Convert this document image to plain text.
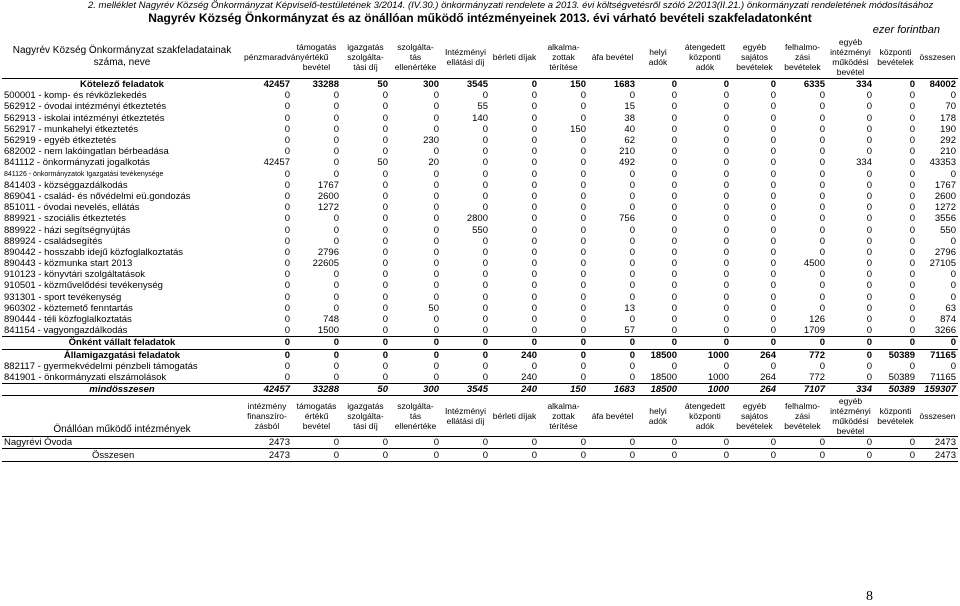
2. melléklet Nagyrév Község Önkormányzat Képviselő-testületének 3/2014. (IV.30.) önkormányzati rendelete a 2013. évi költségvetésről szóló 2/2013(II.21.) önkormányzati rendeletének módosításához
Nagyrév Község Önkormányzat és az önállóan működő intézményeinek 2013. évi várható bevételi szakfeladatonként
ezer forintban
Nagyrév Község Önkormányzat szakfeladatainak száma, neve	pénzmaradvány	támogatás értékű bevétel	igazgatás szolgálta-tási díj	szolgálta-tás ellenértéke	Intézményi ellátási díj	bérleti díjak	alkalma-zottak térítése	áfa bevétel	helyi adók	átengedett központi adók	egyéb sajátos bevételek	felhalmo-zási bevételek	egyéb intézményi működési bevétel	központi bevételek	összesen
Kötelező feladatok	42457	33288	50	300	3545	0	150	1683	0	0	0	6335	334	0	84002
500001 - komp- és révközlekedés	0	0	0	0	0	0	0	0	0	0	0	0	0	0	0
562912 - óvodai intézményi étkeztetés	0	0	0	0	55	0	0	15	0	0	0	0	0	0	70
562913 - iskolai intézményi étkeztetés	0	0	0	0	140	0	0	38	0	0	0	0	0	0	178
562917 - munkahelyi étkeztetés	0	0	0	0	0	0	150	40	0	0	0	0	0	0	190
562919 - egyéb étkeztetés	0	0	0	230	0	0	0	62	0	0	0	0	0	0	292
682002 - nem lakóingatlan bérbeadása	0	0	0	0	0	0	0	210	0	0	0	0	0	0	210
841112 - önkormányzati jogalkotás	42457	0	50	20	0	0	0	492	0	0	0	0	334	0	43353
841126 - önkormányzatok Igazgatási tevékenysége	0	0	0	0	0	0	0	0	0	0	0	0	0	0	0
841403 - községgazdálkodás	0	1767	0	0	0	0	0	0	0	0	0	0	0	0	1767
869041 - család- és nővédelmi eü.gondozás	0	2600	0	0	0	0	0	0	0	0	0	0	0	0	2600
851011 - óvodai nevelés, ellátás	0	1272	0	0	0	0	0	0	0	0	0	0	0	0	1272
889921 - szociális étkeztetés	0	0	0	0	2800	0	0	756	0	0	0	0	0	0	3556
889922 - házi segítségnyújtás	0	0	0	0	550	0	0	0	0	0	0	0	0	0	550
889924 - családsegítés	0	0	0	0	0	0	0	0	0	0	0	0	0	0	0
890442 - hosszabb idejű közfoglalkoztatás	0	2796	0	0	0	0	0	0	0	0	0	0	0	0	2796
890443 - közmunka start 2013	0	22605	0	0	0	0	0	0	0	0	0	4500	0	0	27105
910123 - könyvtári szolgáltatások	0	0	0	0	0	0	0	0	0	0	0	0	0	0	0
910501 - közművelődési tevékenység	0	0	0	0	0	0	0	0	0	0	0	0	0	0	0
931301 - sport tevékenység	0	0	0	0	0	0	0	0	0	0	0	0	0	0	0
960302 - köztemető fenntartás	0	0	0	50	0	0	0	13	0	0	0	0	0	0	63
890444 - téli közfoglalkoztatás	0	748	0	0	0	0	0	0	0	0	0	126	0	0	874
841154 - vagyongazdálkodás	0	1500	0	0	0	0	0	57	0	0	0	1709	0	0	3266
Önként vállalt feladatok	0	0	0	0	0	0	0	0	0	0	0	0	0	0	0
Államigazgatási feladatok	0	0	0	0	0	240	0	0	18500	1000	264	772	0	50389	71165
882117 - gyermekvédelmi pénzbeli támogatás	0	0	0	0	0	0	0	0	0	0	0	0	0	0	0
841901 - önkormányzati elszámolások	0	0	0	0	0	240	0	0	18500	1000	264	772	0	50389	71165
mindösszesen	42457	33288	50	300	3545	240	150	1683	18500	1000	264	7107	334	50389	159307
Önállóan működő intézmények	intézmény finanszíro-zásból	támogatás értékű bevétel	igazgatás szolgálta-tási díj	szolgálta-tás ellenértéke	Intézményi ellátási díj	bérleti díjak	alkalma-zottak térítése	áfa bevétel	helyi adók	átengedett központi adók	egyéb sajátos bevételek	felhalmo-zási bevételek	egyéb intézményi működési bevétel	központi bevételek	összesen
Nagyrévi Óvoda	2473	0	0	0	0	0	0	0	0	0	0	0	0	0	2473
Összesen	2473	0	0	0	0	0	0	0	0	0	0	0	0	0	2473
8
